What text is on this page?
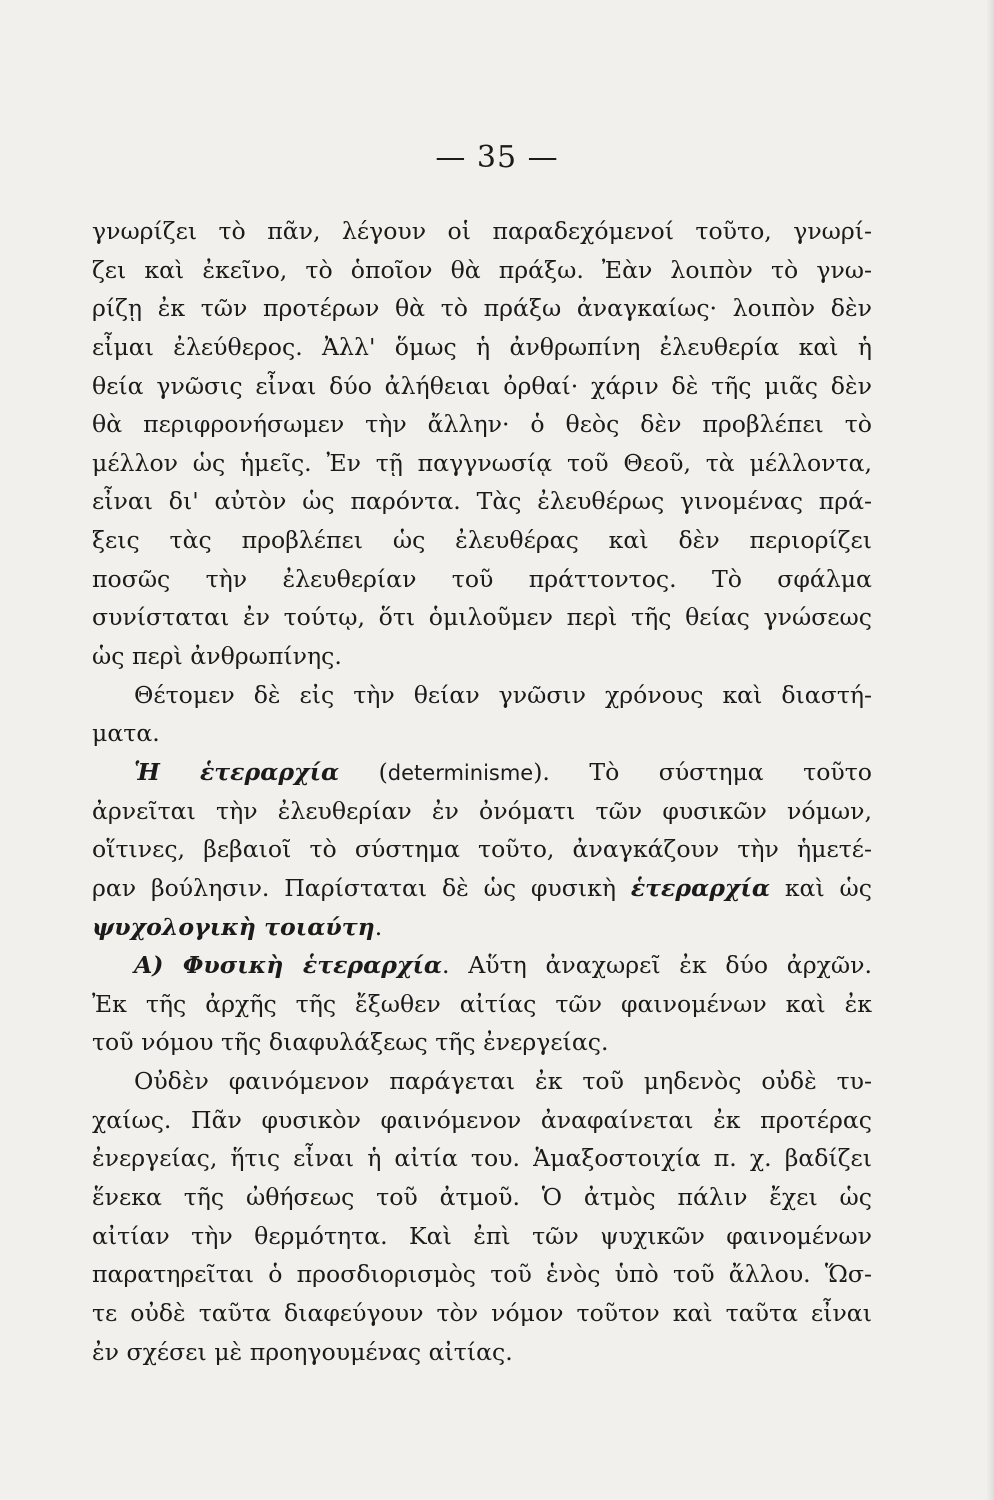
— 35 —
γνωρίζει τὸ πᾶν, λέγουν οἱ παραδεχόμενοί τοῦτο, γνωρί-
ζει καὶ ἐκεῖνο, τὸ ὁποῖον θὰ πράξω. Ἐὰν λοιπὸν τὸ γνω-
ρίζῃ ἐκ τῶν προτέρων θὰ τὸ πράξω ἀναγκαίως· λοιπὸν δὲν
εἶμαι ἐλεύθερος. Ἀλλ' ὅμως ἡ ἀνθρωπίνη ἐλευθερία καὶ ἡ
θεία γνῶσις εἶναι δύο ἀλήθειαι ὀρθαί· χάριν δὲ τῆς μιᾶς δὲν
θὰ περιφρονήσωμεν τὴν ἄλλην· ὁ θεὸς δὲν προβλέπει τὸ
μέλλον ὡς ἡμεῖς. Ἐν τῇ παγγνωσίᾳ τοῦ Θεοῦ, τὰ μέλλοντα,
εἶναι δι' αὐτὸν ὡς παρόντα. Τὰς ἐλευθέρως γινομένας πρά-
ξεις τὰς προβλέπει ὡς ἐλευθέρας καὶ δὲν περιορίζει
ποσῶς τὴν ἐλευθερίαν τοῦ πράττοντος. Τὸ σφάλμα
συνίσταται ἐν τούτῳ, ὅτι ὁμιλοῦμεν περὶ τῆς θείας γνώσεως
ὡς περὶ ἀνθρωπίνης.
Θέτομεν δὲ εἰς τὴν θείαν γνῶσιν χρόνους καὶ διαστή-
ματα.
Ἡ ἑτεραρχία (determinisme). Τὸ σύστημα τοῦτο
ἀρνεῖται τὴν ἐλευθερίαν ἐν ὀνόματι τῶν φυσικῶν νόμων,
οἵτινες, βεβαιοῖ τὸ σύστημα τοῦτο, ἀναγκάζουν τὴν ἡμετέ-
ραν βούλησιν. Παρίσταται δὲ ὡς φυσικὴ ἑτεραρχία καὶ ὡς
ψυχολογικὴ τοιαύτη.
Α) Φυσικὴ ἑτεραρχία. Αὕτη ἀναχωρεῖ ἐκ δύο ἀρχῶν.
Ἐκ τῆς ἀρχῆς τῆς ἔξωθεν αἰτίας τῶν φαινομένων καὶ ἐκ
τοῦ νόμου τῆς διαφυλάξεως τῆς ἐνεργείας.
Οὐδὲν φαινόμενον παράγεται ἐκ τοῦ μηδενὸς οὐδὲ τυ-
χαίως. Πᾶν φυσικὸν φαινόμενον ἀναφαίνεται ἐκ προτέρας
ἐνεργείας, ἥτις εἶναι ἡ αἰτία του. Ἁμαξοστοιχία π. χ. βαδίζει
ἕνεκα τῆς ὠθήσεως τοῦ ἀτμοῦ. Ὁ ἀτμὸς πάλιν ἔχει ὡς
αἰτίαν τὴν θερμότητα. Καὶ ἐπὶ τῶν ψυχικῶν φαινομένων
παρατηρεῖται ὁ προσδιορισμὸς τοῦ ἑνὸς ὑπὸ τοῦ ἄλλου. Ὥσ-
τε οὐδὲ ταῦτα διαφεύγουν τὸν νόμον τοῦτον καὶ ταῦτα εἶναι
ἐν σχέσει μὲ προηγουμένας αἰτίας.
